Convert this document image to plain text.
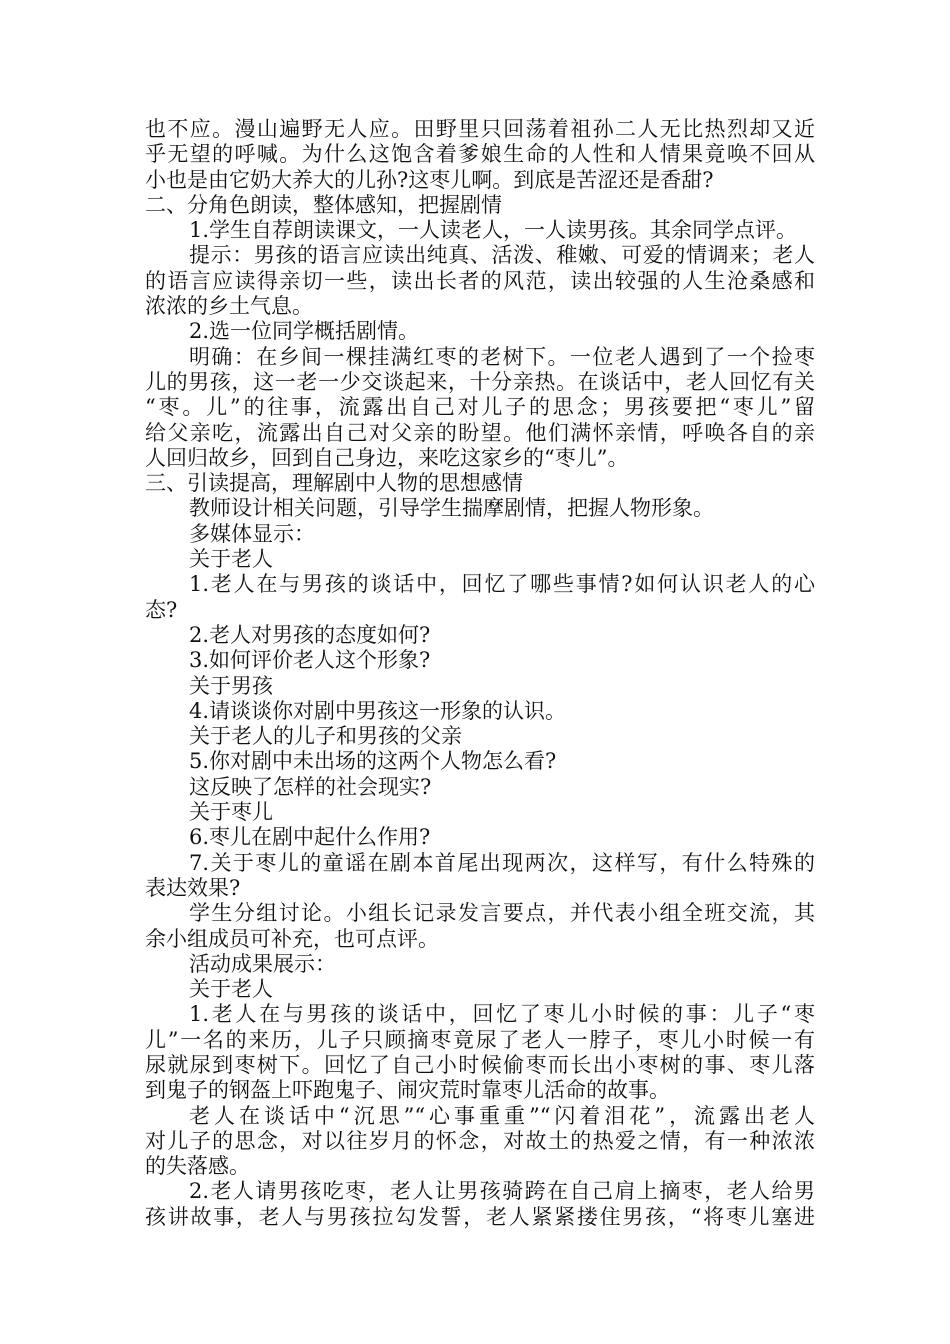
也不应。漫山遍野无人应。田野里只回荡着祖孙二人无比热烈却又近
乎无望的呼喊。为什么这饱含着爹娘生命的人性和人情果竟唤不回从
小也是由它奶大养大的儿孙?这枣儿啊。到底是苦涩还是香甜?
二、分角色朗读，整体感知，把握剧情
1.学生自荐朗读课文，一人读老人，一人读男孩。其余同学点评。
提示：男孩的语言应读出纯真、活泼、稚嫩、可爱的情调来；老人
的语言应读得亲切一些，读出长者的风范，读出较强的人生沧桑感和
浓浓的乡土气息。
2.选一位同学概括剧情。
明确：在乡间一棵挂满红枣的老树下。一位老人遇到了一个捡枣
儿的男孩，这一老一少交谈起来，十分亲热。在谈话中，老人回忆有关
“枣。儿”的往事，流露出自己对儿子的思念；男孩要把“枣儿”留
给父亲吃，流露出自己对父亲的盼望。他们满怀亲情，呼唤各自的亲
人回归故乡，回到自己身边，来吃这家乡的“枣儿”。
三、引读提高，理解剧中人物的思想感情
教师设计相关问题，引导学生揣摩剧情，把握人物形象。
多媒体显示：
关于老人
1.老人在与男孩的谈话中，回忆了哪些事情?如何认识老人的心
态?
2.老人对男孩的态度如何?
3.如何评价老人这个形象?
关于男孩
4.请谈谈你对剧中男孩这一形象的认识。
关于老人的儿子和男孩的父亲
5.你对剧中未出场的这两个人物怎么看?
这反映了怎样的社会现实?
关于枣儿
6.枣儿在剧中起什么作用?
7.关于枣儿的童谣在剧本首尾出现两次，这样写，有什么特殊的
表达效果?
学生分组讨论。小组长记录发言要点，并代表小组全班交流，其
余小组成员可补充，也可点评。
活动成果展示：
关于老人
1.老人在与男孩的谈话中，回忆了枣儿小时候的事：儿子“枣
儿”一名的来历，儿子只顾摘枣竟尿了老人一脖子，枣儿小时候一有
尿就尿到枣树下。回忆了自己小时候偷枣而长出小枣树的事、枣儿落
到鬼子的钢盔上吓跑鬼子、闹灾荒时靠枣儿活命的故事。
老人在谈话中“沉思”“心事重重”“闪着泪花”，流露出老人
对儿子的思念，对以往岁月的怀念，对故土的热爱之情，有一种浓浓
的失落感。
2.老人请男孩吃枣，老人让男孩骑跨在自己肩上摘枣，老人给男
孩讲故事，老人与男孩拉勾发誓，老人紧紧搂住男孩，“将枣儿塞进
